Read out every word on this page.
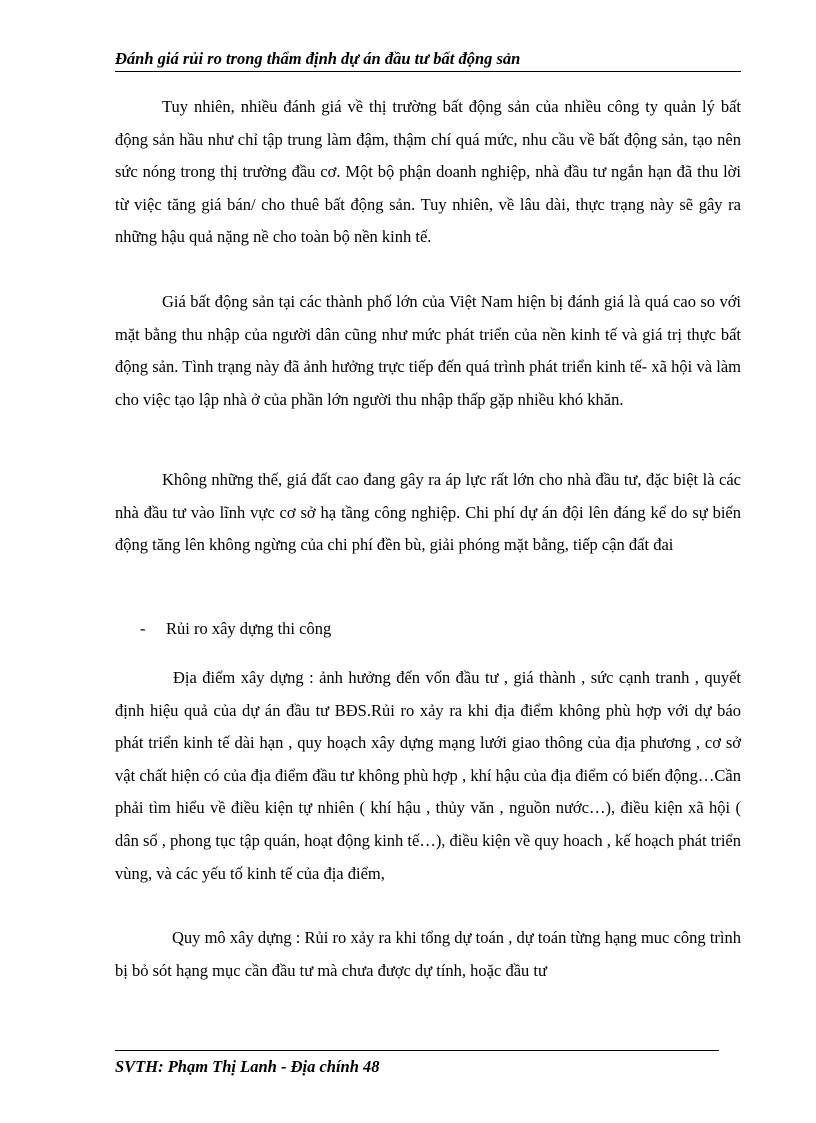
Đánh giá rủi ro trong thẩm định dự án đầu tư bất động sản
Tuy nhiên, nhiều đánh giá về thị trường bất động sản của nhiều công ty quản lý bất động sản hầu như chỉ tập trung làm đậm, thậm chí quá mức, nhu cầu về bất động sản, tạo nên sức nóng trong thị trường đầu cơ. Một bộ phận doanh nghiệp, nhà đầu tư ngắn hạn đã thu lời từ việc tăng giá bán/ cho thuê bất động sản. Tuy nhiên, về lâu dài, thực trạng này sẽ gây ra những hậu quả nặng nề cho toàn bộ nền kinh tế.
Giá bất động sản tại các thành phố lớn của Việt Nam hiện bị đánh giá là quá cao so với mặt bằng thu nhập của người dân cũng như mức phát triển của nền kinh tế và giá trị thực bất động sản. Tình trạng này đã ảnh hưởng trực tiếp đến quá trình phát triển kinh tế- xã hội và làm cho việc tạo lập nhà ở của phần lớn người thu nhập thấp gặp nhiều khó khăn.
Không những thế, giá đất cao đang gây ra áp lực rất lớn cho nhà đầu tư, đặc biệt là các nhà đầu tư vào lĩnh vực cơ sở hạ tầng công nghiệp. Chi phí dự án đội lên đáng kể do sự biến động tăng lên không ngừng của chi phí đền bù, giải phóng mặt bằng, tiếp cận đất đai
- Rủi ro xây dựng thi công
Địa điểm xây dựng : ảnh hưởng đến vốn đầu tư , giá thành , sức cạnh tranh , quyết định hiệu quả của dự án đầu tư BĐS.Rủi ro xảy ra khi địa điểm không phù hợp với dự báo phát triển kinh tế dài hạn , quy hoạch xây dựng mạng lưới giao thông của địa phương , cơ sở vật chất hiện có của địa điểm đầu tư không phù hợp , khí hậu của địa điểm có biến động…Cần phải tìm hiểu về điều kiện tự nhiên ( khí hậu , thủy văn , nguồn nước…), điều kiện xã hội ( dân số , phong tục tập quán, hoạt động kinh tế…), điều kiện về quy hoach , kế hoạch phát triển vùng, và các yếu tố kinh tế của địa điểm,
Quy mô xây dựng : Rủi ro xảy ra khi tổng dự toán , dự toán từng hạng muc công trình bị bỏ sót hạng mục cần đầu tư mà chưa được dự tính, hoặc đầu tư
SVTH: Phạm Thị Lanh - Địa chính 48
